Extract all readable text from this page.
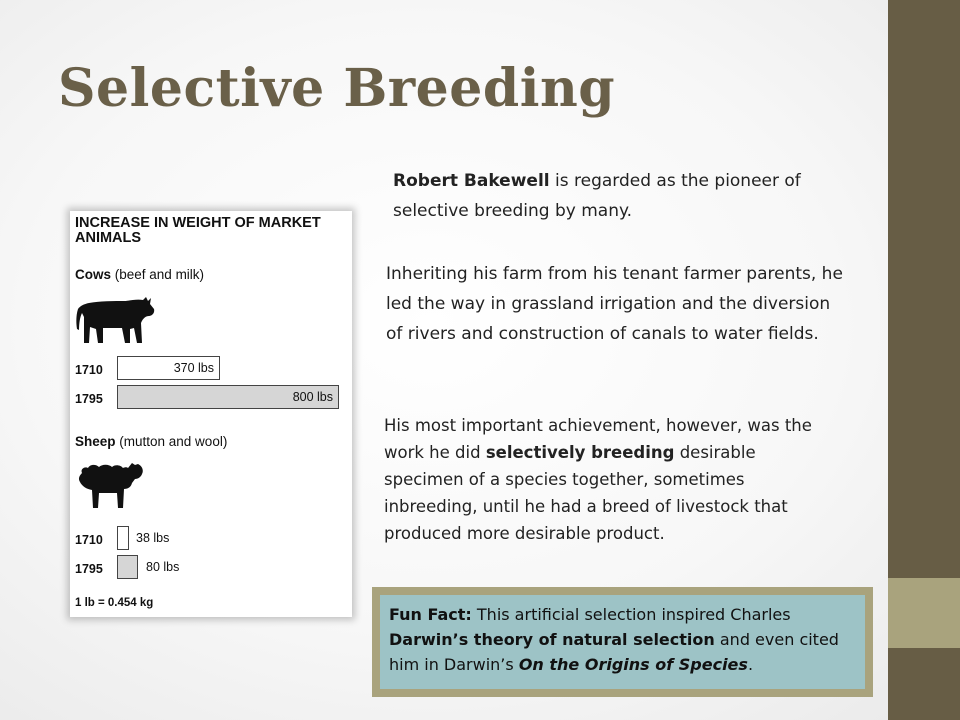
Selective Breeding

Robert Bakewell is regarded as the pioneer of selective breeding by many.

Inheriting his farm from his tenant farmer parents, he led the way in grassland irrigation and the diversion of rivers and construction of canals to water fields.

His most important achievement, however, was the work he did selectively breeding desirable specimen of a species together, sometimes inbreeding, until he had a breed of livestock that produced more desirable product.

INCREASE IN WEIGHT OF MARKET ANIMALS
Cows (beef and milk)
1710	370 lbs
1795	800 lbs
Sheep (mutton and wool)
1710	38 lbs
1795	80 lbs
1 lb = 0.454 kg
Fun Fact: This artificial selection inspired Charles Darwin’s theory of natural selection and even cited him in Darwin’s On the Origins of Species.
